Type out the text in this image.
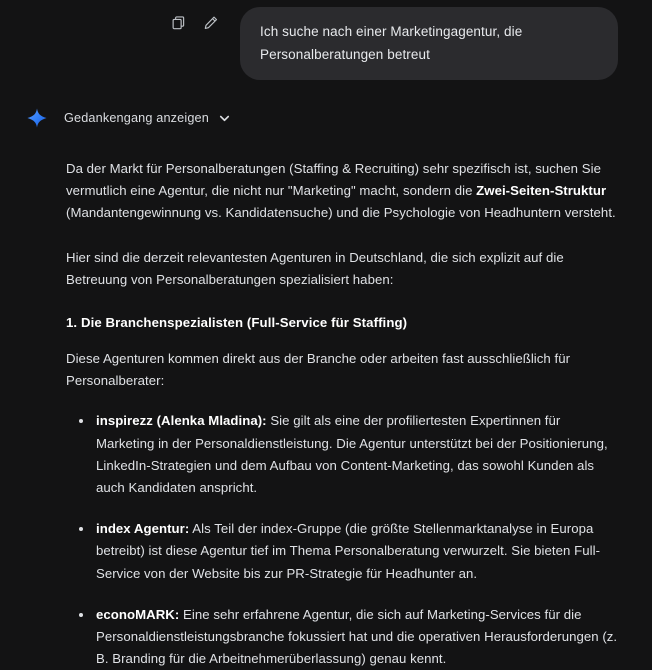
Ich suche nach einer Marketingagentur, die
Personalberatungen betreut
Gedankengang anzeigen

Da der Markt für Personalberatungen (Staffing & Recruiting) sehr spezifisch ist, suchen Sie vermutlich eine Agentur, die nicht nur "Marketing" macht, sondern die Zwei-Seiten-Struktur (Mandantengewinnung vs. Kandidatensuche) und die Psychologie von Headhuntern versteht.

Hier sind die derzeit relevantesten Agenturen in Deutschland, die sich explizit auf die Betreuung von Personalberatungen spezialisiert haben:

1. Die Branchenspezialisten (Full-Service für Staffing)

Diese Agenturen kommen direkt aus der Branche oder arbeiten fast ausschließlich für Personalberater:

inspirezz (Alenka Mladina): Sie gilt als eine der profiliertesten Expertinnen für Marketing in der Personaldienstleistung. Die Agentur unterstützt bei der Positionierung, LinkedIn-Strategien und dem Aufbau von Content-Marketing, das sowohl Kunden als auch Kandidaten anspricht.
index Agentur: Als Teil der index-Gruppe (die größte Stellenmarktanalyse in Europa betreibt) ist diese Agentur tief im Thema Personalberatung verwurzelt. Sie bieten Full-Service von der Website bis zur PR-Strategie für Headhunter an.
econoMARK: Eine sehr erfahrene Agentur, die sich auf Marketing-Services für die Personaldienstleistungsbranche fokussiert hat und die operativen Herausforderungen (z. B. Branding für die Arbeitnehmerüberlassung) genau kennt.
